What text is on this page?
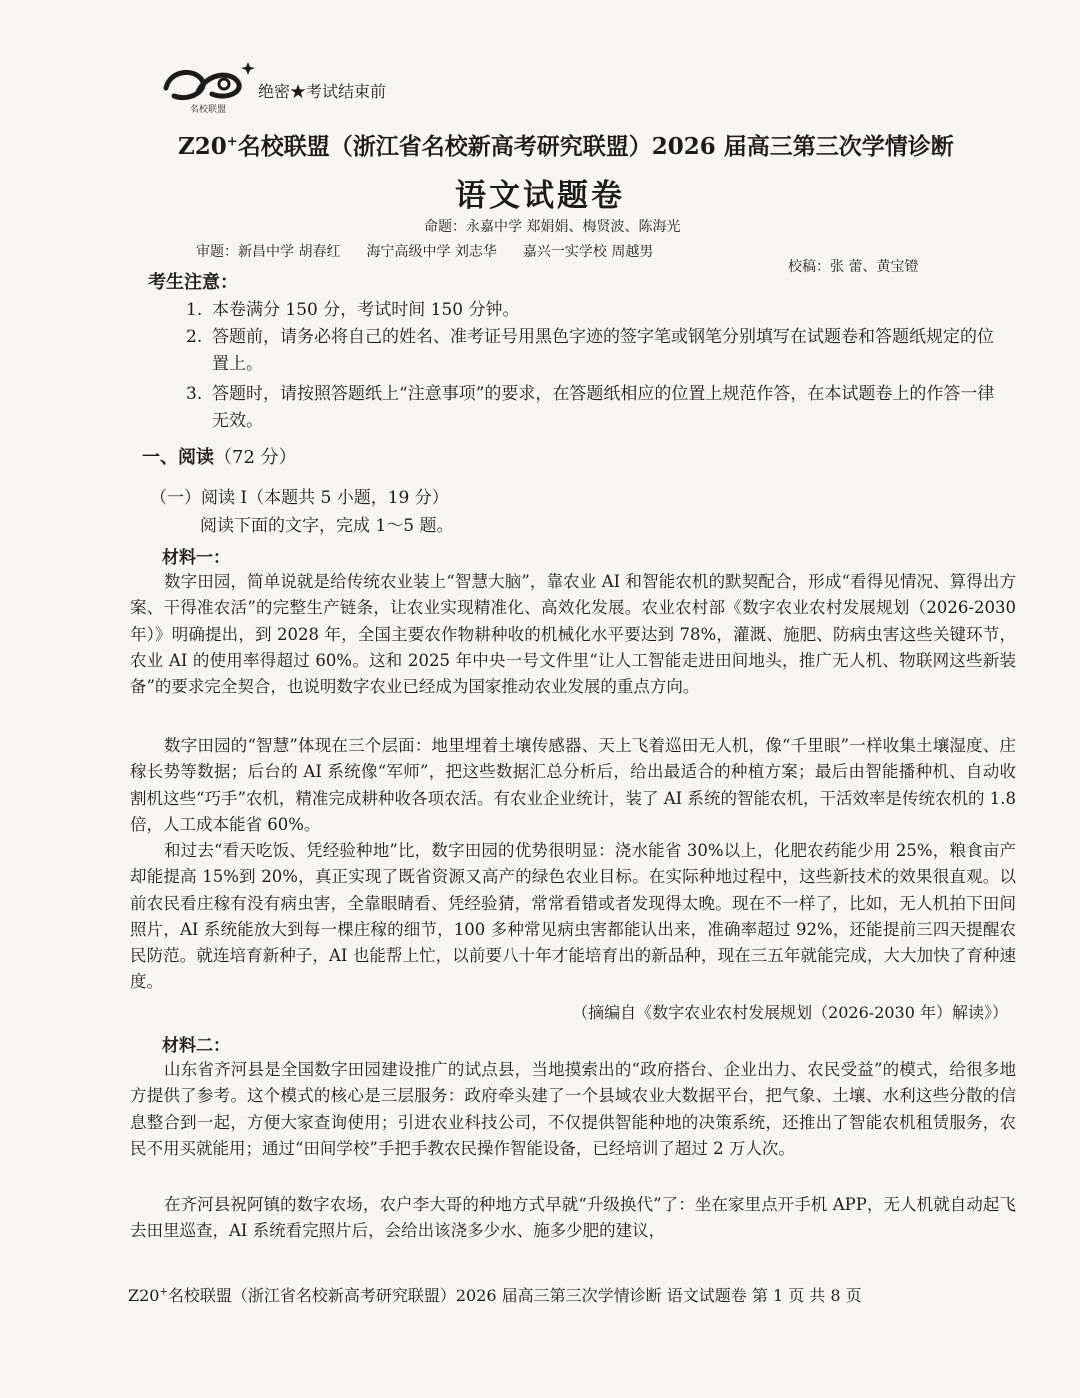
名校联盟
绝密★考试结束前
Z20+名校联盟（浙江省名校新高考研究联盟）2026 届高三第三次学情诊断
语文试题卷
命题：永嘉中学 郑娟娟、梅贤波、陈海光
审题：新昌中学 胡春红 海宁高级中学 刘志华 嘉兴一实学校 周越男
校稿：张 蕾、黄宝镫
考生注意：
1. 本卷满分 150 分，考试时间 150 分钟。
2. 答题前，请务必将自己的姓名、准考证号用黑色字迹的签字笔或钢笔分别填写在试题卷和答题纸规定的位置上。
3. 答题时，请按照答题纸上“注意事项”的要求，在答题纸相应的位置上规范作答，在本试题卷上的作答一律无效。
一、阅读（72 分）
（一）阅读 I（本题共 5 小题，19 分）
阅读下面的文字，完成 1～5 题。
材料一：
数字田园，简单说就是给传统农业装上“智慧大脑”，靠农业 AI 和智能农机的默契配合，形成“看得见情况、算得出方案、干得准农活”的完整生产链条，让农业实现精准化、高效化发展。农业农村部《数字农业农村发展规划（2026-2030 年）》明确提出，到 2028 年，全国主要农作物耕种收的机械化水平要达到 78%，灌溉、施肥、防病虫害这些关键环节，农业 AI 的使用率得超过 60%。这和 2025 年中央一号文件里“让人工智能走进田间地头，推广无人机、物联网这些新装备”的要求完全契合，也说明数字农业已经成为国家推动农业发展的重点方向。
数字田园的“智慧”体现在三个层面：地里埋着土壤传感器、天上飞着巡田无人机，像“千里眼”一样收集土壤湿度、庄稼长势等数据；后台的 AI 系统像“军师”，把这些数据汇总分析后，给出最适合的种植方案；最后由智能播种机、自动收割机这些“巧手”农机，精准完成耕种收各项农活。有农业企业统计，装了 AI 系统的智能农机，干活效率是传统农机的 1.8 倍，人工成本能省 60%。
和过去“看天吃饭、凭经验种地”比，数字田园的优势很明显：浇水能省 30%以上，化肥农药能少用 25%，粮食亩产却能提高 15%到 20%，真正实现了既省资源又高产的绿色农业目标。在实际种地过程中，这些新技术的效果很直观。以前农民看庄稼有没有病虫害，全靠眼睛看、凭经验猜，常常看错或者发现得太晚。现在不一样了，比如，无人机拍下田间照片，AI 系统能放大到每一棵庄稼的细节，100 多种常见病虫害都能认出来，准确率超过 92%，还能提前三四天提醒农民防范。就连培育新种子，AI 也能帮上忙，以前要八十年才能培育出的新品种，现在三五年就能完成，大大加快了育种速度。
（摘编自《数字农业农村发展规划（2026-2030 年）解读》）
材料二：
山东省齐河县是全国数字田园建设推广的试点县，当地摸索出的“政府搭台、企业出力、农民受益”的模式，给很多地方提供了参考。这个模式的核心是三层服务：政府牵头建了一个县域农业大数据平台，把气象、土壤、水利这些分散的信息整合到一起，方便大家查询使用；引进农业科技公司，不仅提供智能种地的决策系统，还推出了智能农机租赁服务，农民不用买就能用；通过“田间学校”手把手教农民操作智能设备，已经培训了超过 2 万人次。
在齐河县祝阿镇的数字农场，农户李大哥的种地方式早就“升级换代”了：坐在家里点开手机 APP，无人机就自动起飞去田里巡查，AI 系统看完照片后，会给出该浇多少水、施多少肥的建议，
Z20+名校联盟（浙江省名校新高考研究联盟）2026 届高三第三次学情诊断 语文试题卷 第 1 页 共 8 页
